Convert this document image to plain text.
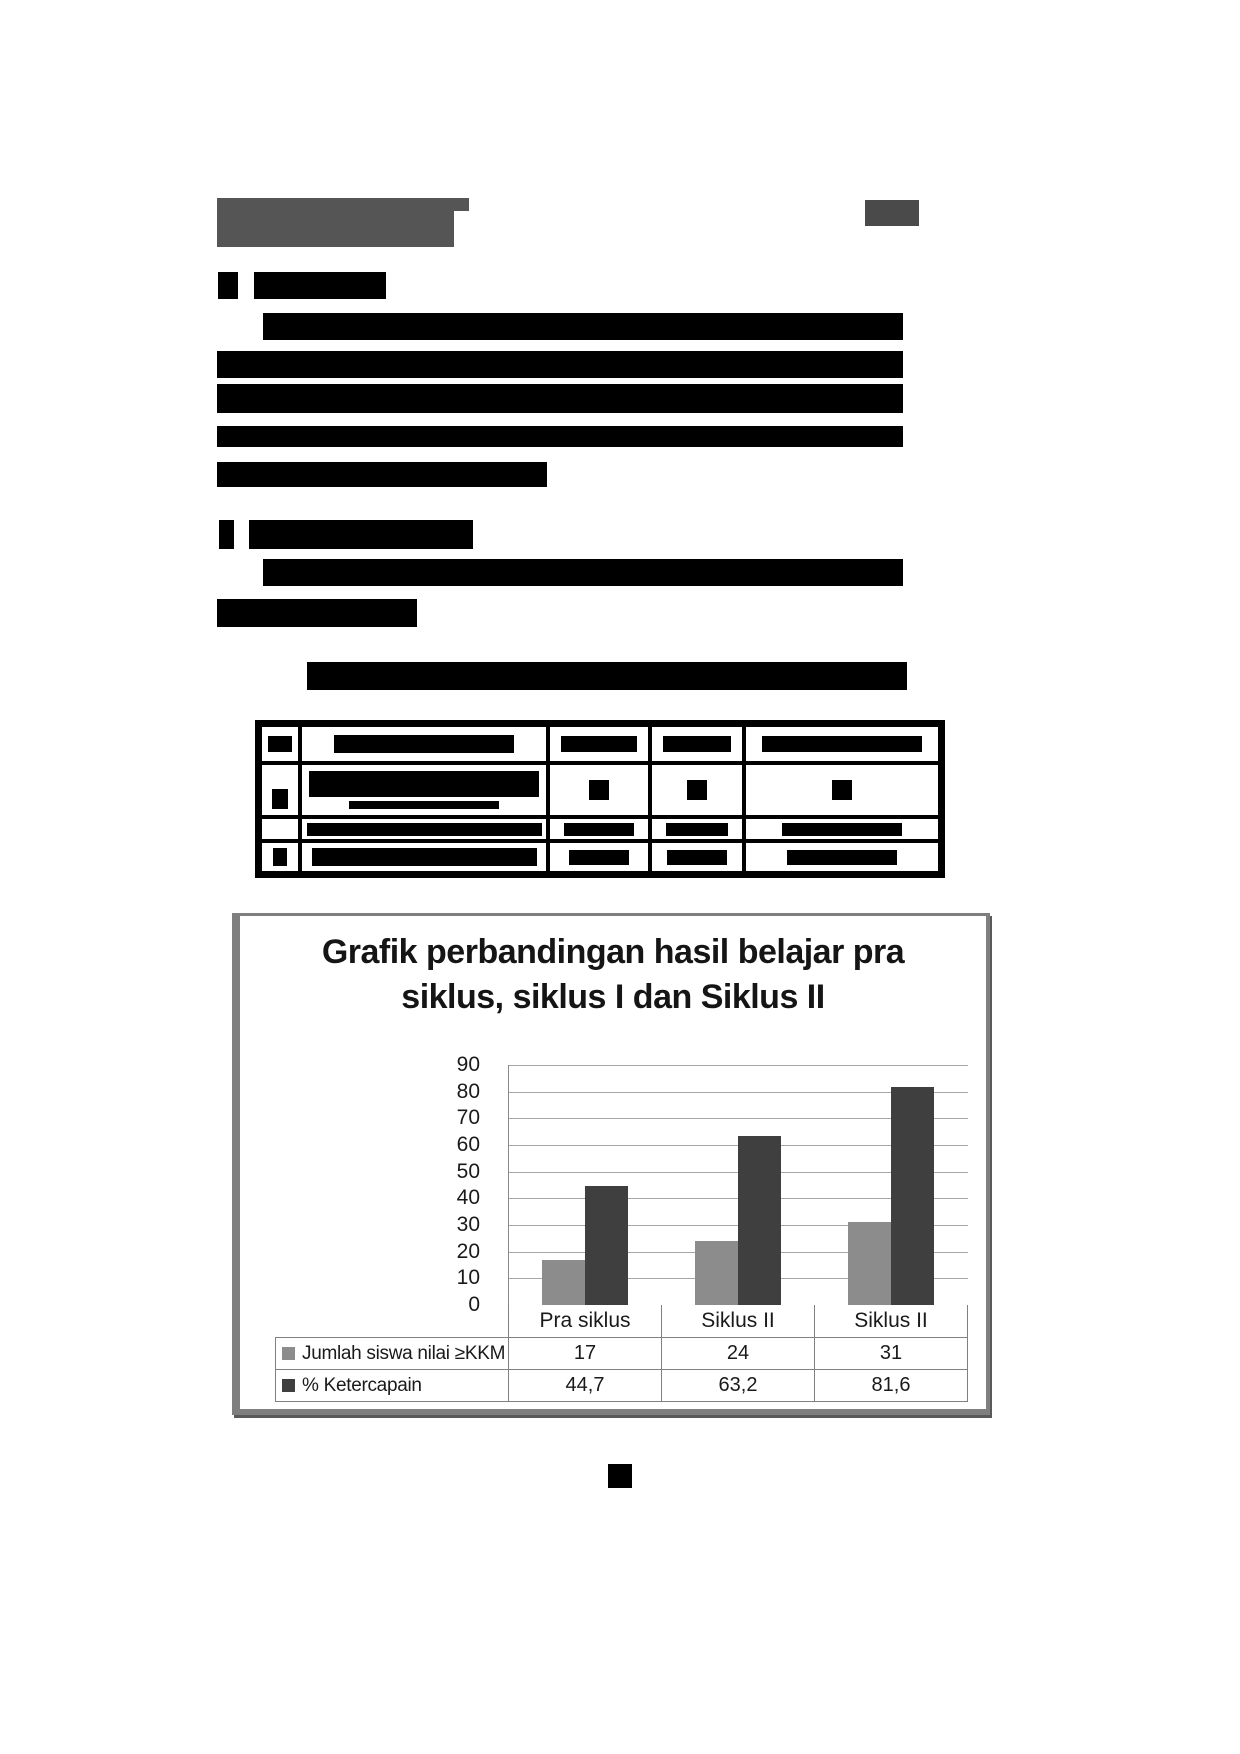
Grafik perbandingan hasil belajar pra
siklus, siklus I dan Siklus II
90
80
70
60
50
40
30
20
10
0
	Pra siklus	Siklus II	Siklus II
Jumlah siswa nilai ≥KKM	17	24	31
% Ketercapain	44,7	63,2	81,6
